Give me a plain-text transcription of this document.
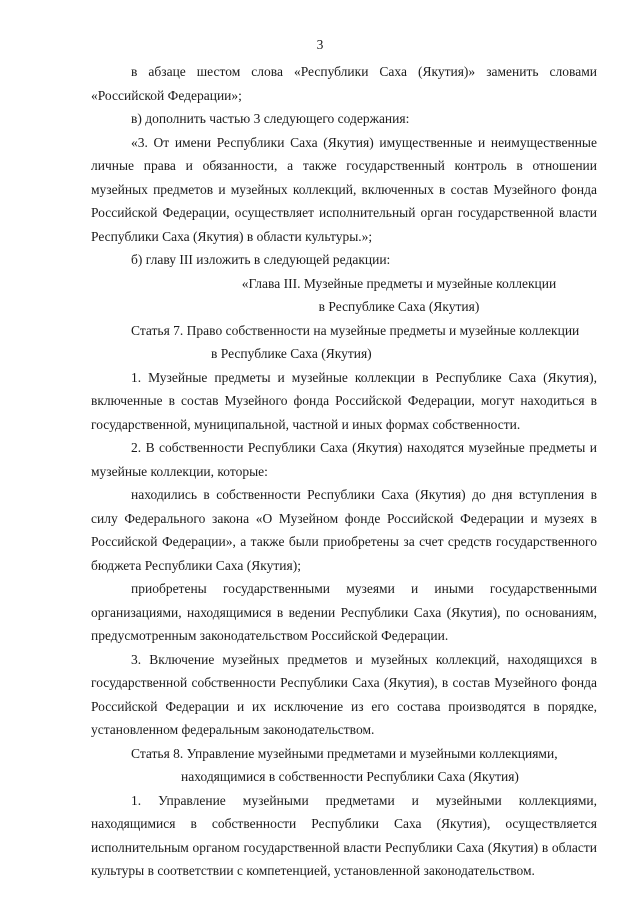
3

в абзаце шестом слова «Республики Саха (Якутия)» заменить словами «Российской Федерации»;

в) дополнить частью 3 следующего содержания:

«3. От имени Республики Саха (Якутия) имущественные и неимущественные личные права и обязанности, а также государственный контроль в отношении музейных предметов и музейных коллекций, включенных в состав Музейного фонда Российской Федерации, осуществляет исполнительный орган государственной власти Республики Саха (Якутия) в области культуры.»;

б) главу III изложить в следующей редакции:

«Глава III. Музейные предметы и музейные коллекции

в Республике Саха (Якутия)

Статья 7. Право собственности на музейные предметы и музейные коллекции
в Республике Саха (Якутия)

1. Музейные предметы и музейные коллекции в Республике Саха (Якутия), включенные в состав Музейного фонда Российской Федерации, могут находиться в государственной, муниципальной, частной и иных формах собственности.

2. В собственности Республики Саха (Якутия) находятся музейные предметы и музейные коллекции, которые:

находились в собственности Республики Саха (Якутия) до дня вступления в силу Федерального закона «О Музейном фонде Российской Федерации и музеях в Российской Федерации», а также были приобретены за счет средств государственного бюджета Республики Саха (Якутия);

приобретены государственными музеями и иными государственными организациями, находящимися в ведении Республики Саха (Якутия), по основаниям, предусмотренным законодательством Российской Федерации.

3. Включение музейных предметов и музейных коллекций, находящихся в государственной собственности Республики Саха (Якутия), в состав Музейного фонда Российской Федерации и их исключение из его состава производятся в порядке, установленном федеральным законодательством.

Статья 8. Управление музейными предметами и музейными коллекциями,
находящимися в собственности Республики Саха (Якутия)

1. Управление музейными предметами и музейными коллекциями, находящимися в собственности Республики Саха (Якутия), осуществляется исполнительным органом государственной власти Республики Саха (Якутия) в области культуры в соответствии с компетенцией, установленной законодательством.
